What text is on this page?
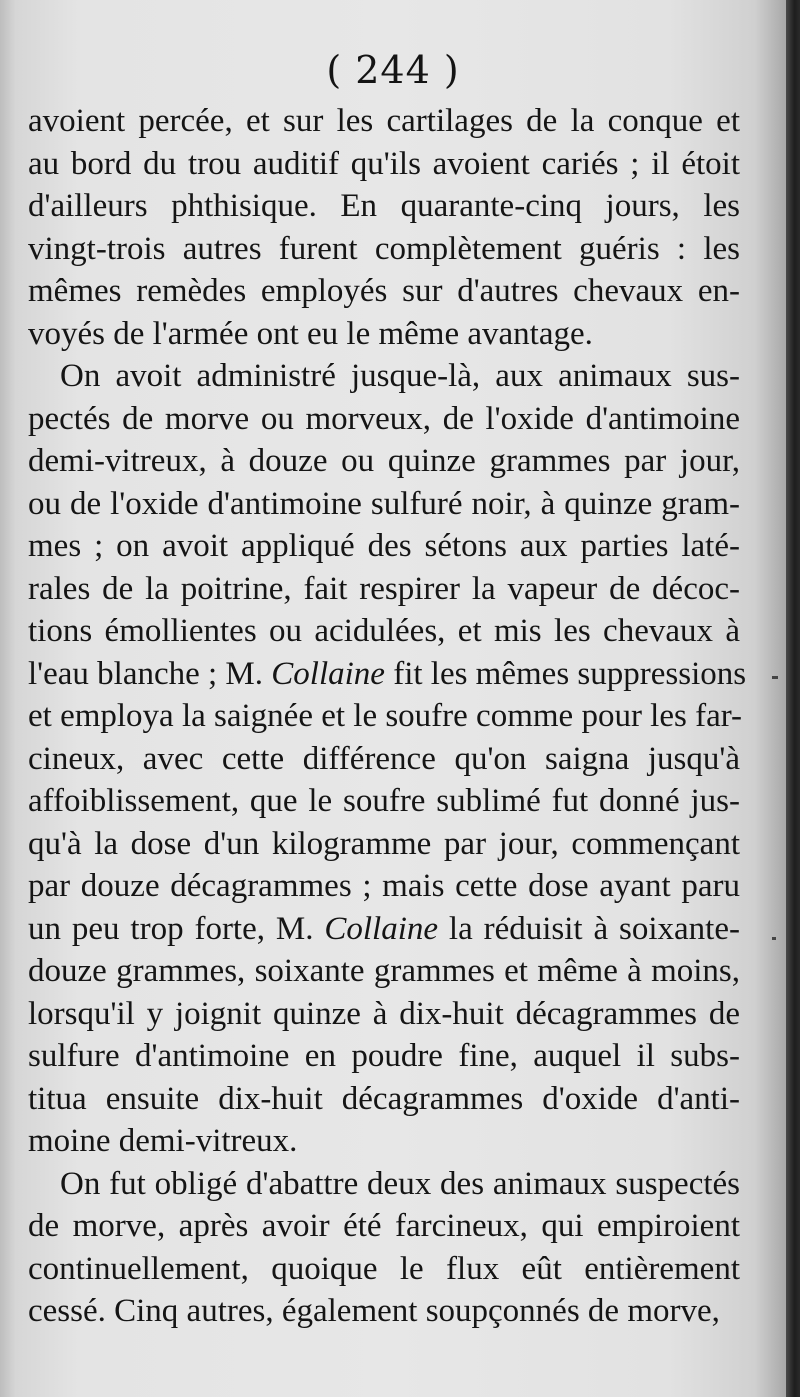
( 244 )
avoient percée, et sur les cartilages de la conque et
au bord du trou auditif qu'ils avoient cariés ; il étoit
d'ailleurs phthisique. En quarante-cinq jours, les
vingt-trois autres furent complètement guéris : les
mêmes remèdes employés sur d'autres chevaux en-
voyés de l'armée ont eu le même avantage.
On avoit administré jusque-là, aux animaux sus-
pectés de morve ou morveux, de l'oxide d'antimoine
demi-vitreux, à douze ou quinze grammes par jour,
ou de l'oxide d'antimoine sulfuré noir, à quinze gram-
mes ; on avoit appliqué des sétons aux parties laté-
rales de la poitrine, fait respirer la vapeur de décoc-
tions émollientes ou acidulées, et mis les chevaux à
l'eau blanche ; M. Collaine fit les mêmes suppressions
et employa la saignée et le soufre comme pour les far-
cineux, avec cette différence qu'on saigna jusqu'à
affoiblissement, que le soufre sublimé fut donné jus-
qu'à la dose d'un kilogramme par jour, commençant
par douze décagrammes ; mais cette dose ayant paru
un peu trop forte, M. Collaine la réduisit à soixante-
douze grammes, soixante grammes et même à moins,
lorsqu'il y joignit quinze à dix-huit décagrammes de
sulfure d'antimoine en poudre fine, auquel il subs-
titua ensuite dix-huit décagrammes d'oxide d'anti-
moine demi-vitreux.
On fut obligé d'abattre deux des animaux suspectés
de morve, après avoir été farcineux, qui empiroient
continuellement, quoique le flux eût entièrement
cessé. Cinq autres, également soupçonnés de morve,
